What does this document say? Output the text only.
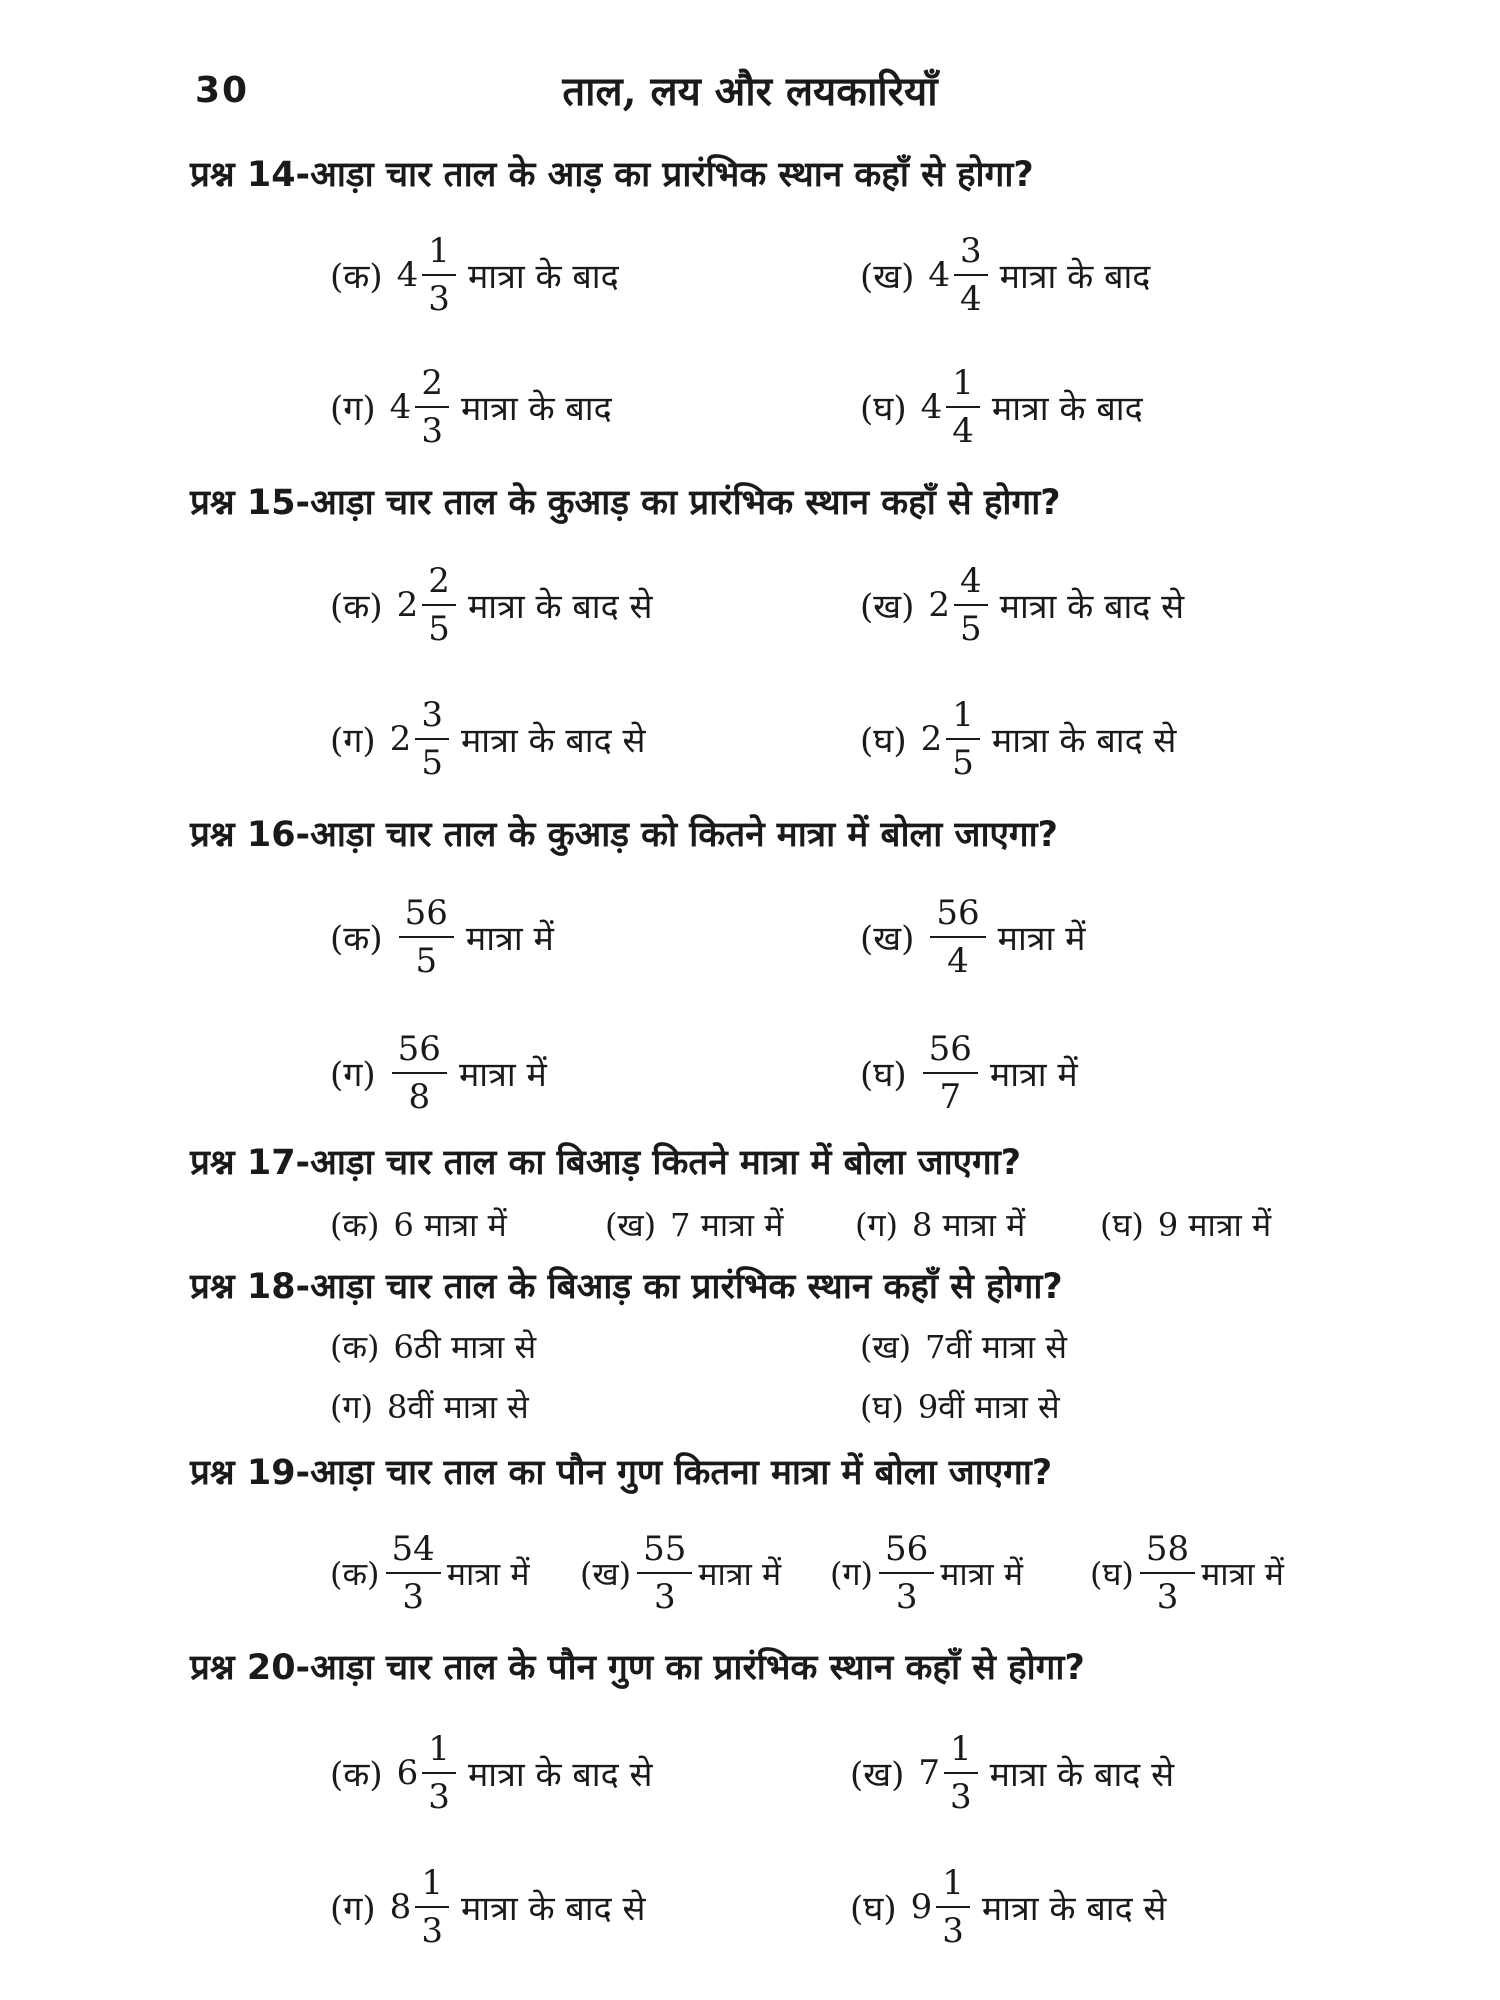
30	ताल, लय और लयकारियाँ
प्रश्न 14-आड़ा चार ताल के आड़ का प्रारंभिक स्थान कहाँ से होगा?
(क) $4 \frac{1}{3}$ मात्रा के बाद	(ख) $4 \frac{3}{4}$ मात्रा के बाद
(ग) $4 \frac{2}{3}$ मात्रा के बाद	(घ) $4 \frac{1}{4}$ मात्रा के बाद
प्रश्न 15-आड़ा चार ताल के कुआड़ का प्रारंभिक स्थान कहाँ से होगा?
(क) $2 \frac{2}{5}$ मात्रा के बाद से	(ख) $2 \frac{4}{5}$ मात्रा के बाद से
(ग) $2 \frac{3}{5}$ मात्रा के बाद से	(घ) $2 \frac{1}{5}$ मात्रा के बाद से
प्रश्न 16-आड़ा चार ताल के कुआड़ को कितने मात्रा में बोला जाएगा?
(क) $\frac{56}{5}$ मात्रा में	(ख) $\frac{56}{4}$ मात्रा में
(ग) $\frac{56}{8}$ मात्रा में	(घ) $\frac{56}{7}$ मात्रा में
प्रश्न 17-आड़ा चार ताल का बिआड़ कितने मात्रा में बोला जाएगा?
(क) 6 मात्रा में	(ख) 7 मात्रा में (ग) 8 मात्रा में (घ) 9 मात्रा में
प्रश्न 18-आड़ा चार ताल के बिआड़ का प्रारंभिक स्थान कहाँ से होगा?
(क) 6ठी मात्रा से	(ख) 7वीं मात्रा से
(ग) 8वीं मात्रा से	(घ) 9वीं मात्रा से
प्रश्न 19-आड़ा चार ताल का पौन गुण कितना मात्रा में बोला जाएगा?
(क) $\frac{54}{3}$ मात्रा में (ख) $\frac{55}{3}$ मात्रा में (ग) $\frac{56}{3}$ मात्रा में (घ) $\frac{58}{3}$ मात्रा में
प्रश्न 20-आड़ा चार ताल के पौन गुण का प्रारंभिक स्थान कहाँ से होगा?
(क) $6 \frac{1}{3}$ मात्रा के बाद से	(ख) $7 \frac{1}{3}$ मात्रा के बाद से
(ग) $8 \frac{1}{3}$ मात्रा के बाद से	(घ) $9 \frac{1}{3}$ मात्रा के बाद से
